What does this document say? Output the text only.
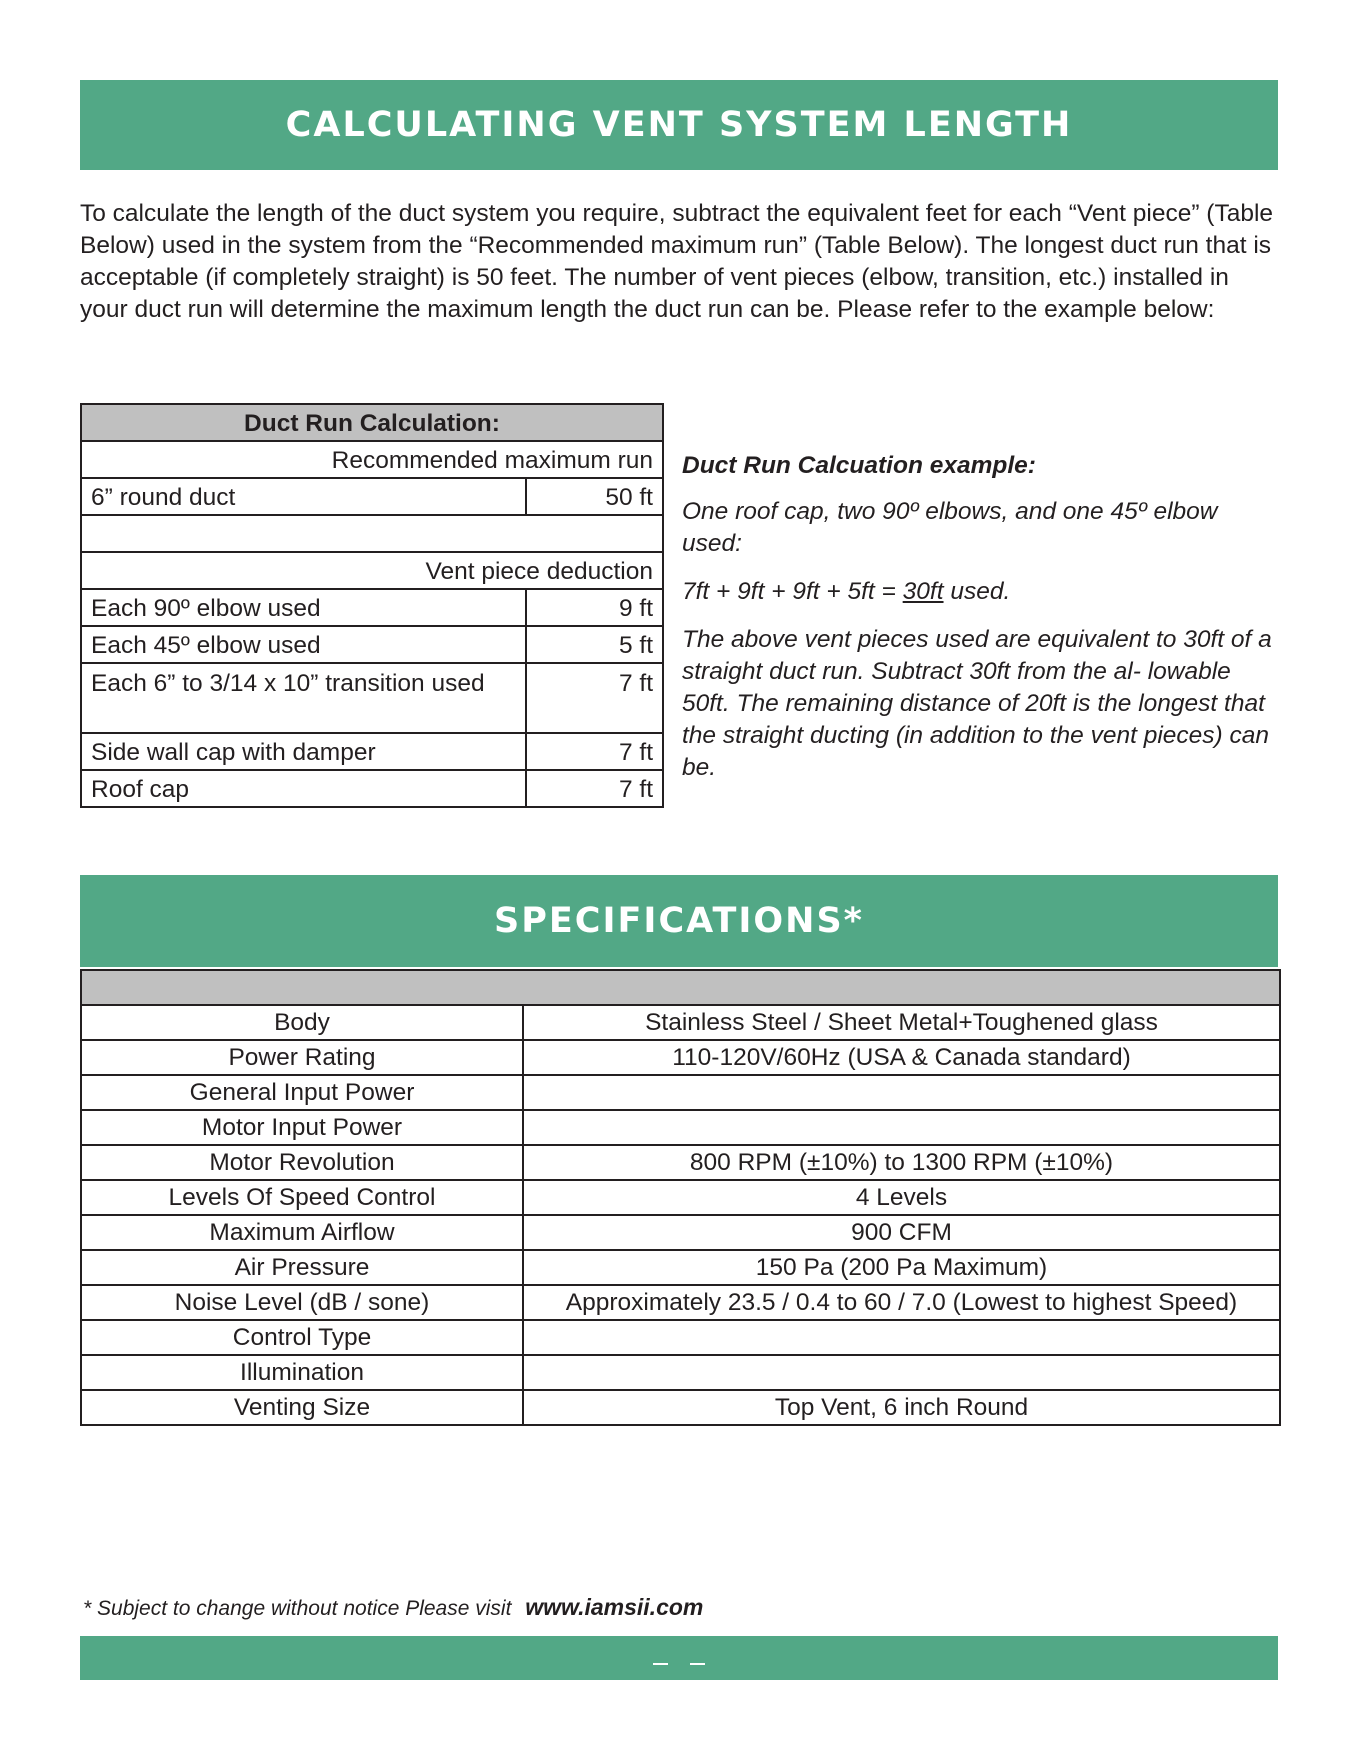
CALCULATING VENT SYSTEM LENGTH

To calculate the length of the duct system you require, subtract the equivalent feet for each “Vent piece” (Table Below) used in the system from the “Recommended maximum run” (Table Below). The longest duct run that is acceptable (if completely straight) is 50 feet. The number of vent pieces (elbow, transition, etc.) installed in your duct run will determine the maximum length the duct run can be. Please refer to the example below:

Duct Run Calculation:	
Recommended maximum run	
6” round duct	50 ft

Vent piece deduction	
Each 90º elbow used	9 ft
Each 45º elbow used	5 ft
Each 6” to 3/14 x 10” transition used	7 ft
Side wall cap with damper	7 ft
Roof cap	7 ft

Duct Run Calcuation example:

One roof cap, two 90º elbows, and one 45º elbow used:

7ft + 9ft + 9ft + 5ft = 30ft used.

The above vent pieces used are equivalent to 30ft of a straight duct run. Subtract 30ft from the al- lowable 50ft. The remaining distance of 20ft is the longest that the straight ducting (in addition to the vent pieces) can be.

SPECIFICATIONS*

Body	Stainless Steel / Sheet Metal+Toughened glass
Power Rating	110-120V/60Hz (USA & Canada standard)
General Input Power	
Motor Input Power	
Motor Revolution	800 RPM (±10%) to 1300 RPM (±10%)
Levels Of Speed Control	4 Levels
Maximum Airflow	900 CFM
Air Pressure	150 Pa (200 Pa Maximum)
Noise Level (dB / sone)	Approximately 23.5 / 0.4 to 60 / 7.0 (Lowest to highest Speed)
Control Type	
Illumination	
Venting Size	Top Vent, 6 inch Round
* Subject to change without notice Please visit www.iamsii.com
